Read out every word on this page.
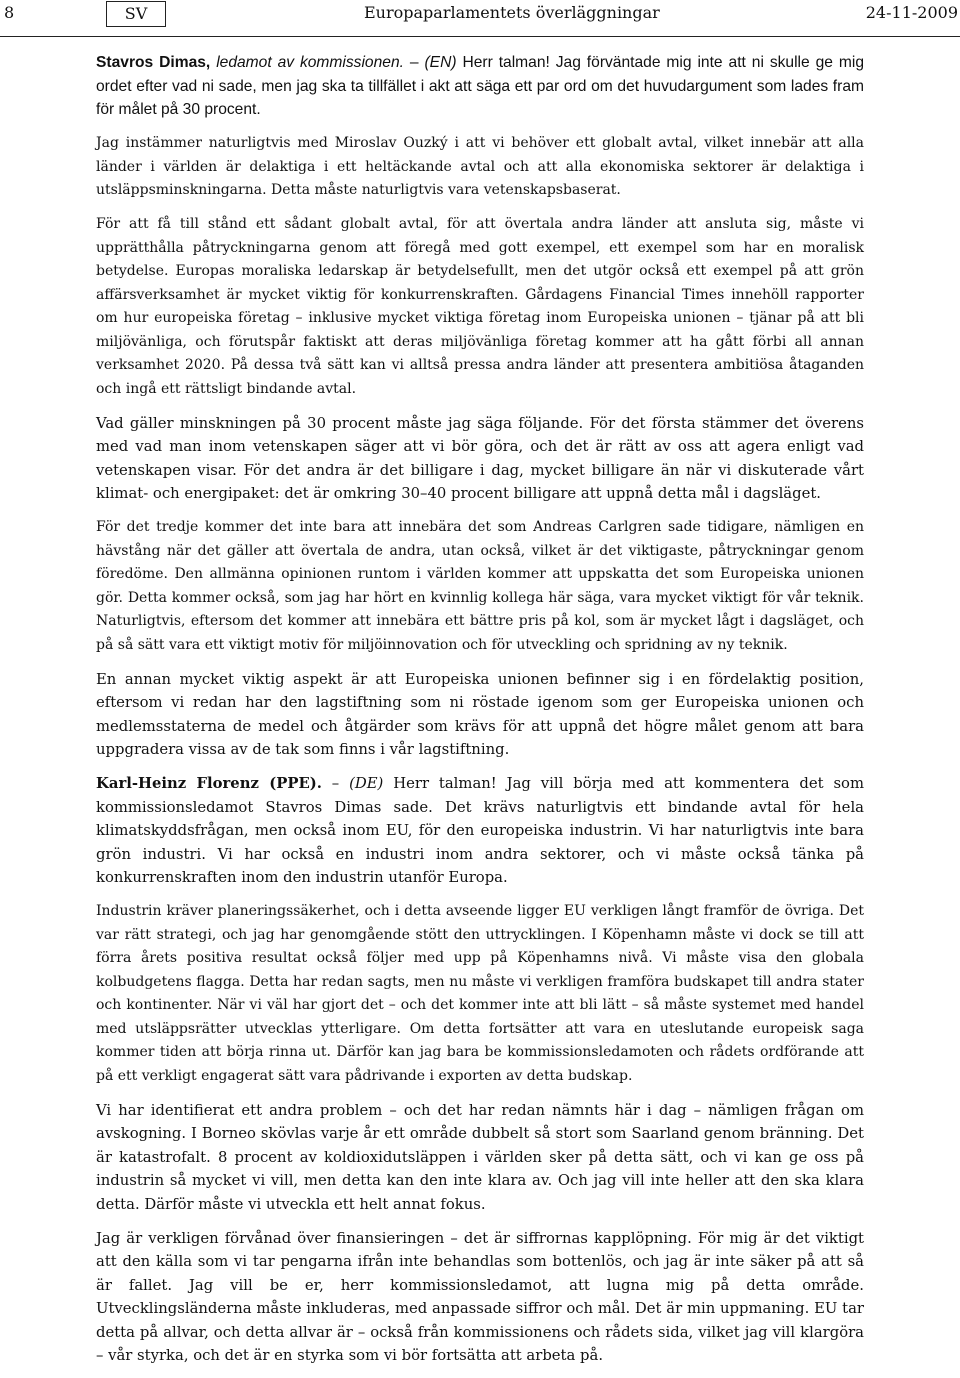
8	SV	Europaparlamentets överläggningar	24-11-2009

Stavros Dimas, ledamot av kommissionen. – (EN) Herr talman! Jag förväntade mig inte att ni skulle ge mig ordet efter vad ni sade, men jag ska ta tillfället i akt att säga ett par ord om det huvudargument som lades fram för målet på 30 procent.

Jag instämmer naturligtvis med Miroslav Ouzký i att vi behöver ett globalt avtal, vilket innebär att alla länder i världen är delaktiga i ett heltäckande avtal och att alla ekonomiska sektorer är delaktiga i utsläppsminskningarna. Detta måste naturligtvis vara vetenskapsbaserat.

För att få till stånd ett sådant globalt avtal, för att övertala andra länder att ansluta sig, måste vi upprätthålla påtryckningarna genom att föregå med gott exempel, ett exempel som har en moralisk betydelse. Europas moraliska ledarskap är betydelsefullt, men det utgör också ett exempel på att grön affärsverksamhet är mycket viktig för konkurrenskraften. Gårdagens Financial Times innehöll rapporter om hur europeiska företag – inklusive mycket viktiga företag inom Europeiska unionen – tjänar på att bli miljövänliga, och förutspår faktiskt att deras miljövänliga företag kommer att ha gått förbi all annan verksamhet 2020. På dessa två sätt kan vi alltså pressa andra länder att presentera ambitiösa åtaganden och ingå ett rättsligt bindande avtal.

Vad gäller minskningen på 30 procent måste jag säga följande. För det första stämmer det överens med vad man inom vetenskapen säger att vi bör göra, och det är rätt av oss att agera enligt vad vetenskapen visar. För det andra är det billigare i dag, mycket billigare än när vi diskuterade vårt klimat- och energipaket: det är omkring 30–40 procent billigare att uppnå detta mål i dagsläget.

För det tredje kommer det inte bara att innebära det som Andreas Carlgren sade tidigare, nämligen en hävstång när det gäller att övertala de andra, utan också, vilket är det viktigaste, påtryckningar genom föredöme. Den allmänna opinionen runtom i världen kommer att uppskatta det som Europeiska unionen gör. Detta kommer också, som jag har hört en kvinnlig kollega här säga, vara mycket viktigt för vår teknik. Naturligtvis, eftersom det kommer att innebära ett bättre pris på kol, som är mycket lågt i dagsläget, och på så sätt vara ett viktigt motiv för miljöinnovation och för utveckling och spridning av ny teknik.

En annan mycket viktig aspekt är att Europeiska unionen befinner sig i en fördelaktig position, eftersom vi redan har den lagstiftning som ni röstade igenom som ger Europeiska unionen och medlemsstaterna de medel och åtgärder som krävs för att uppnå det högre målet genom att bara uppgradera vissa av de tak som finns i vår lagstiftning.

Karl-Heinz Florenz (PPE). – (DE) Herr talman! Jag vill börja med att kommentera det som kommissionsledamot Stavros Dimas sade. Det krävs naturligtvis ett bindande avtal för hela klimatskyddsfrågan, men också inom EU, för den europeiska industrin. Vi har naturligtvis inte bara grön industri. Vi har också en industri inom andra sektorer, och vi måste också tänka på konkurrenskraften inom den industrin utanför Europa.

Industrin kräver planeringssäkerhet, och i detta avseende ligger EU verkligen långt framför de övriga. Det var rätt strategi, och jag har genomgående stött den uttrycklingen. I Köpenhamn måste vi dock se till att förra årets positiva resultat också följer med upp på Köpenhamns nivå. Vi måste visa den globala kolbudgetens flagga. Detta har redan sagts, men nu måste vi verkligen framföra budskapet till andra stater och kontinenter. När vi väl har gjort det – och det kommer inte att bli lätt – så måste systemet med handel med utsläppsrätter utvecklas ytterligare. Om detta fortsätter att vara en uteslutande europeisk saga kommer tiden att börja rinna ut. Därför kan jag bara be kommissionsledamoten och rådets ordförande att på ett verkligt engagerat sätt vara pådrivande i exporten av detta budskap.

Vi har identifierat ett andra problem – och det har redan nämnts här i dag – nämligen frågan om avskogning. I Borneo skövlas varje år ett område dubbelt så stort som Saarland genom bränning. Det är katastrofalt. 8 procent av koldioxidutsläppen i världen sker på detta sätt, och vi kan ge oss på industrin så mycket vi vill, men detta kan den inte klara av. Och jag vill inte heller att den ska klara detta. Därför måste vi utveckla ett helt annat fokus.

Jag är verkligen förvånad över finansieringen – det är siffrornas kapplöpning. För mig är det viktigt att den källa som vi tar pengarna ifrån inte behandlas som bottenlös, och jag är inte säker på att så är fallet. Jag vill be er, herr kommissionsledamot, att lugna mig på detta område. Utvecklingsländerna måste inkluderas, med anpassade siffror och mål. Det är min uppmaning. EU tar detta på allvar, och detta allvar är – också från kommissionens och rådets sida, vilket jag vill klargöra – vår styrka, och det är en styrka som vi bör fortsätta att arbeta på.
